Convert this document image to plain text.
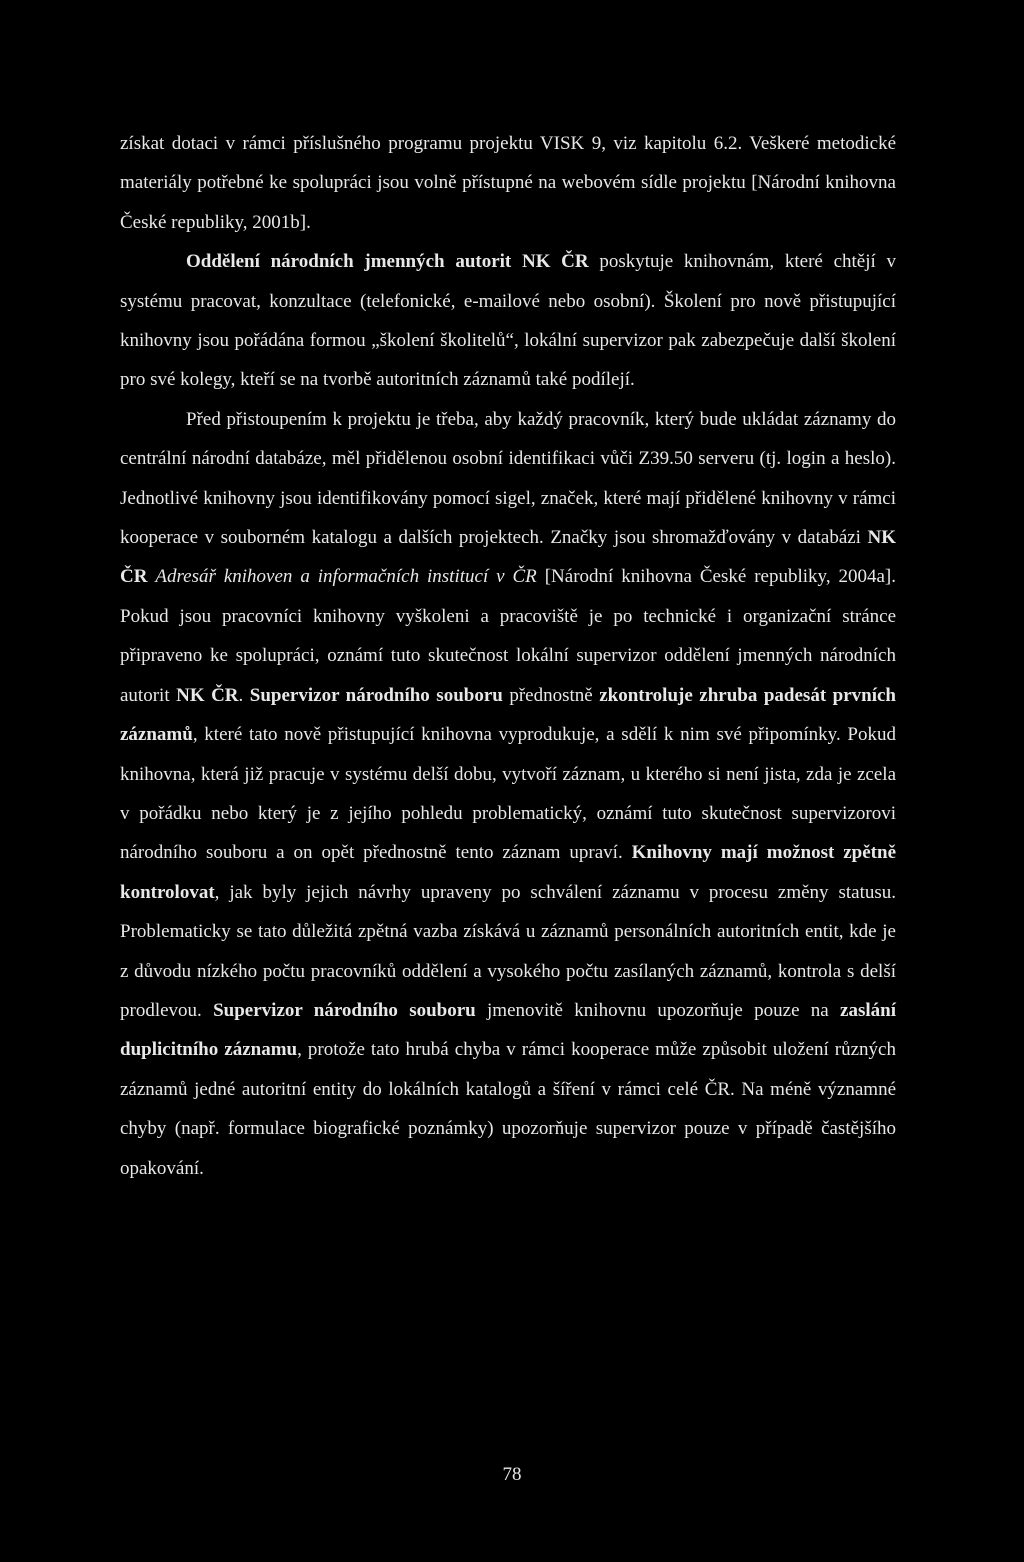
získat dotaci v rámci příslušného programu projektu VISK 9, viz kapitolu 6.2. Veškeré metodické materiály potřebné ke spolupráci jsou volně přístupné na webovém sídle projektu [Národní knihovna České republiky, 2001b].

Oddělení národních jmenných autorit NK ČR poskytuje knihovnám, které chtějí v systému pracovat, konzultace (telefonické, e-mailové nebo osobní). Školení pro nově přistupující knihovny jsou pořádána formou „školení školitelů“, lokální supervizor pak zabezpečuje další školení pro své kolegy, kteří se na tvorbě autoritních záznamů také podílejí.

Před přistoupením k projektu je třeba, aby každý pracovník, který bude ukládat záznamy do centrální národní databáze, měl přidělenou osobní identifikaci vůči Z39.50 serveru (tj. login a heslo). Jednotlivé knihovny jsou identifikovány pomocí sigel, značek, které mají přidělené knihovny v rámci kooperace v souborném katalogu a dalších projektech. Značky jsou shromažďovány v databázi NK ČR Adresář knihoven a informačních institucí v ČR [Národní knihovna České republiky, 2004a]. Pokud jsou pracovníci knihovny vyškoleni a pracoviště je po technické i organizační stránce připraveno ke spolupráci, oznámí tuto skutečnost lokální supervizor oddělení jmenných národních autorit NK ČR. Supervizor národního souboru přednostně zkontroluje zhruba padesát prvních záznamů, které tato nově přistupující knihovna vyprodukuje, a sdělí k nim své připomínky. Pokud knihovna, která již pracuje v systému delší dobu, vytvoří záznam, u kterého si není jista, zda je zcela v pořádku nebo který je z jejího pohledu problematický, oznámí tuto skutečnost supervizorovi národního souboru a on opět přednostně tento záznam upraví. Knihovny mají možnost zpětně kontrolovat, jak byly jejich návrhy upraveny po schválení záznamu v procesu změny statusu. Problematicky se tato důležitá zpětná vazba získává u záznamů personálních autoritních entit, kde je z důvodu nízkého počtu pracovníků oddělení a vysokého počtu zasílaných záznamů, kontrola s delší prodlevou. Supervizor národního souboru jmenovitě knihovnu upozorňuje pouze na zaslání duplicitního záznamu, protože tato hrubá chyba v rámci kooperace může způsobit uložení různých záznamů jedné autoritní entity do lokálních katalogů a šíření v rámci celé ČR. Na méně významné chyby (např. formulace biografické poznámky) upozorňuje supervizor pouze v případě častějšího opakování.

78
